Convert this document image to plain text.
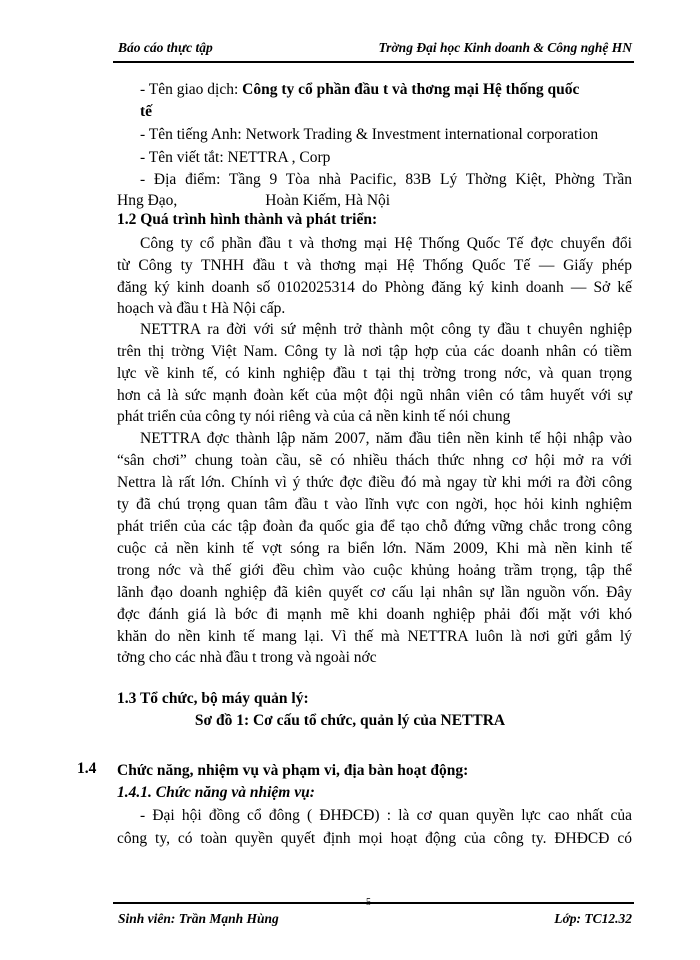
Báo cáo thực tập	Trờng Đại học Kinh doanh & Công nghệ HN
- Tên giao dịch: Công ty cổ phần đầu t và thơng mại Hệ thống quốc
tế
- Tên tiếng Anh: Network Trading & Investment international corporation
- Tên viết tắt: NETTRA , Corp
- Địa điểm: Tầng 9 Tòa nhà Pacific, 83B Lý Thờng Kiệt, Phờng Trần
Hng Đạo,	Hoàn Kiếm, Hà Nội
1.2 Quá trình hình thành và phát triển:
Công ty cổ phần đầu t và thơng mại Hệ Thống Quốc Tế đợc chuyển đổi
từ Công ty TNHH đầu t và thơng mại Hệ Thống Quốc Tế — Giấy phép
đăng ký kinh doanh số 0102025314 do Phòng đăng ký kinh doanh — Sở kế
hoạch và đầu t Hà Nội cấp.
NETTRA ra đời với sứ mệnh trở thành một công ty đầu t chuyên nghiệp
trên thị trờng Việt Nam. Công ty là nơi tập hợp của các doanh nhân có tiềm
lực về kinh tế, có kinh nghiệp đầu t tại thị trờng trong nớc, và quan trọng
hơn cả là sức mạnh đoàn kết của một đội ngũ nhân viên có tâm huyết với sự
phát triển của công ty nói riêng và của cả nền kinh tế nói chung
NETTRA đợc thành lập năm 2007, năm đầu tiên nền kinh tế hội nhập vào
“sân chơi” chung toàn cầu, sẽ có nhiều thách thức nhng cơ hội mở ra với
Nettra là rất lớn. Chính vì ý thức đợc điều đó mà ngay từ khi mới ra đời công
ty đã chú trọng quan tâm đầu t vào lĩnh vực con ngời, học hỏi kinh nghiệm
phát triển của các tập đoàn đa quốc gia để tạo chỗ đứng vững chắc trong công
cuộc cả nền kinh tế vợt sóng ra biển lớn. Năm 2009, Khi mà nền kinh tế
trong nớc và thế giới đều chìm vào cuộc khủng hoảng trầm trọng, tập thể
lãnh đạo doanh nghiệp đã kiên quyết cơ cấu lại nhân sự lần nguồn vốn. Đây
đợc đánh giá là bớc đi mạnh mẽ khi doanh nghiệp phải đối mặt với khó
khăn do nền kinh tế mang lại. Vì thế mà NETTRA luôn là nơi gửi gắm lý
tởng cho các nhà đầu t trong và ngoài nớc
1.3 Tổ chức, bộ máy quản lý:
Sơ đồ 1: Cơ cấu tổ chức, quản lý của NETTRA
1.4 Chức năng, nhiệm vụ và phạm vi, địa bàn hoạt động:
1.4.1. Chức năng và nhiệm vụ:
- Đại hội đồng cổ đông ( ĐHĐCĐ) : là cơ quan quyền lực cao nhất của
công ty, có toàn quyền quyết định mọi hoạt động của công ty. ĐHĐCĐ có
5
Sinh viên: Trần Mạnh Hùng	Lớp: TC12.32
